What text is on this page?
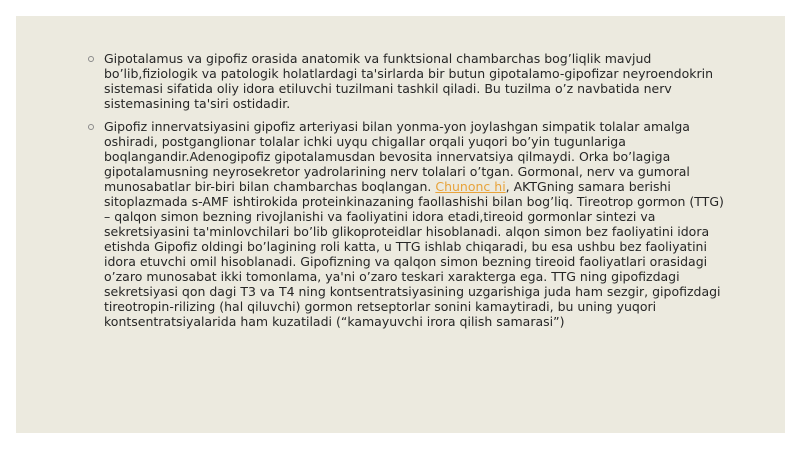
Gipotalamus va gipofiz orasida anatomik va funktsional chambarchas bog’liqlik mavjud bo’lib,fiziologik va patologik holatlardagi ta'sirlarda bir butun gipotalamo-gipofizar neyroendokrin sistemasi sifatida oliy idora etiluvchi tuzilmani tashkil qiladi. Bu tuzilma o’z navbatida nerv sistemasining ta'siri ostidadir.
Gipofiz innervatsiyasini gipofiz arteriyasi bilan yonma-yon joylashgan simpatik tolalar amalga oshiradi, postganglionar tolalar ichki uyqu chigallar orqali yuqori bo’yin tugunlariga boqlangandir.Adenogipofiz gipotalamusdan bevosita innervatsiya qilmaydi. Orka bo’lagiga gipotalamusning neyrosekretor yadrolarining nerv tolalari o’tgan. Gormonal, nerv va gumoral munosabatlar bir-biri bilan chambarchas boqlangan. Chunonc hi, AKTGning samara berishi sitoplazmada s-AMF ishtirokida proteinkinazaning faollashishi bilan bog’liq. Tireotrop gormon (TTG) – qalqon simon bezning rivojlanishi va faoliyatini idora etadi,tireoid gormonlar sintezi va sekretsiyasini ta'minlovchilari bo’lib glikoproteidlar hisoblanadi. alqon simon bez faoliyatini idora etishda Gipofiz oldingi bo’lagining roli katta, u TTG ishlab chiqaradi, bu esa ushbu bez faoliyatini idora etuvchi omil hisoblanadi. Gipofizning va qalqon simon bezning tireoid faoliyatlari orasidagi o’zaro munosabat ikki tomonlama, ya'ni o’zaro teskari xarakterga ega. TTG ning gipofizdagi sekretsiyasi qon dagi T3 va T4 ning kontsentratsiyasining uzgarishiga juda ham sezgir, gipofizdagi tireotropin-rilizing (hal qiluvchi) gormon retseptorlar sonini kamaytiradi, bu uning yuqori kontsentratsiyalarida ham kuzatiladi (“kamayuvchi irora qilish samarasi”)
